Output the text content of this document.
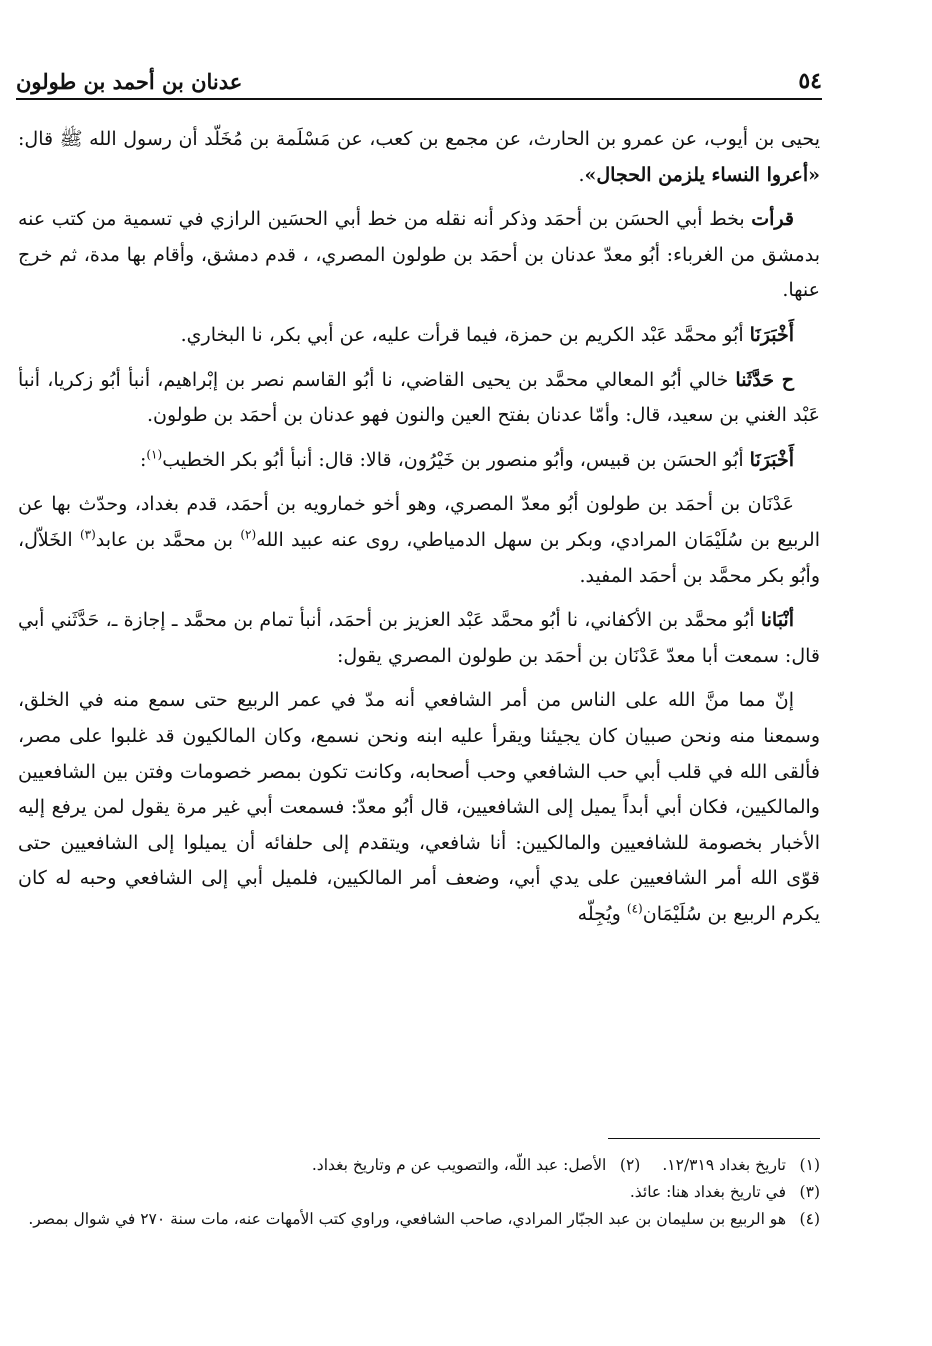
٥٤
عدنان بن أحمد بن طولون

يحيى بن أيوب، عن عمرو بن الحارث، عن مجمع بن كعب، عن مَسْلَمة بن مُخَلّد أن رسول الله ﷺ قال: «أعروا النساء يلزمن الحجال».

قرأت بخط أبي الحسَن بن أحمَد وذكر أنه نقله من خط أبي الحسَين الرازي في تسمية من كتب عنه بدمشق من الغرباء: أبُو معدّ عدنان بن أحمَد بن طولون المصري، ، قدم دمشق، وأقام بها مدة، ثم خرج عنها.

أَخْبَرَنَا أبُو محمَّد عَبْد الكريم بن حمزة، فيما قرأت عليه، عن أبي بكر، نا البخاري.

ح حَدَّثَنا خالي أبُو المعالي محمَّد بن يحيى القاضي، نا أبُو القاسم نصر بن إبْراهيم، أنبأ أبُو زكريا، أنبأ عَبْد الغني بن سعيد، قال: وأمّا عدنان بفتح العين والنون فهو عدنان بن أحمَد بن طولون.

أَخْبَرَنَا أبُو الحسَن بن قبيس، وأبُو منصور بن خَيْرُون، قالا: قال: أنبأ أبُو بكر الخطيب$^{(١)}$:

عَدْنَان بن أحمَد بن طولون أبُو معدّ المصري، وهو أخو خمارويه بن أحمَد، قدم بغداد، وحدّث بها عن الربيع بن سُلَيْمَان المرادي، وبكر بن سهل الدمياطي، روى عنه عبيد الله$^{(٢)}$ بن محمَّد بن عابد$^{(٣)}$ الخَلاّل، وأبُو بكر محمَّد بن أحمَد المفيد.

أنْبَانا أبُو محمَّد بن الأكفاني، نا أبُو محمَّد عَبْد العزيز بن أحمَد، أنبأ تمام بن محمَّد ـ إجازة ـ، حَدَّثَني أبي قال: سمعت أبا معدّ عَدْنَان بن أحمَد بن طولون المصري يقول:

إنّ مما منَّ الله على الناس من أمر الشافعي أنه مدّ في عمر الربيع حتى سمع منه في الخلق، وسمعنا منه ونحن صبيان كان يجيئنا ويقرأ عليه ابنه ونحن نسمع، وكان المالكيون قد غلبوا على مصر، فألقى الله في قلب أبي حب الشافعي وحب أصحابه، وكانت تكون بمصر خصومات وفتن بين الشافعيين والمالكيين، فكان أبي أبداً يميل إلى الشافعيين، قال أبُو معدّ: فسمعت أبي غير مرة يقول لمن يرفع إليه الأخبار بخصومة للشافعيين والمالكيين: أنا شافعي، ويتقدم إلى حلفائه أن يميلوا إلى الشافعيين حتى قوّى الله أمر الشافعيين على يدي أبي، وضعف أمر المالكيين، فلميل أبي إلى الشافعي وحبه له كان يكرم الربيع بن سُلَيْمَان$^{(٤)}$ ويُجِلّه

(١)تاريخ بغداد ١٢/٣١٩.

(٢)الأصل: عبد اللّه، والتصويب عن م وتاريخ بغداد.

(٣)في تاريخ بغداد هنا: عائذ.

(٤)هو الربيع بن سليمان بن عبد الجبّار المرادي، صاحب الشافعي، وراوي كتب الأمهات عنه، مات سنة ٢٧٠ في شوال بمصر.
